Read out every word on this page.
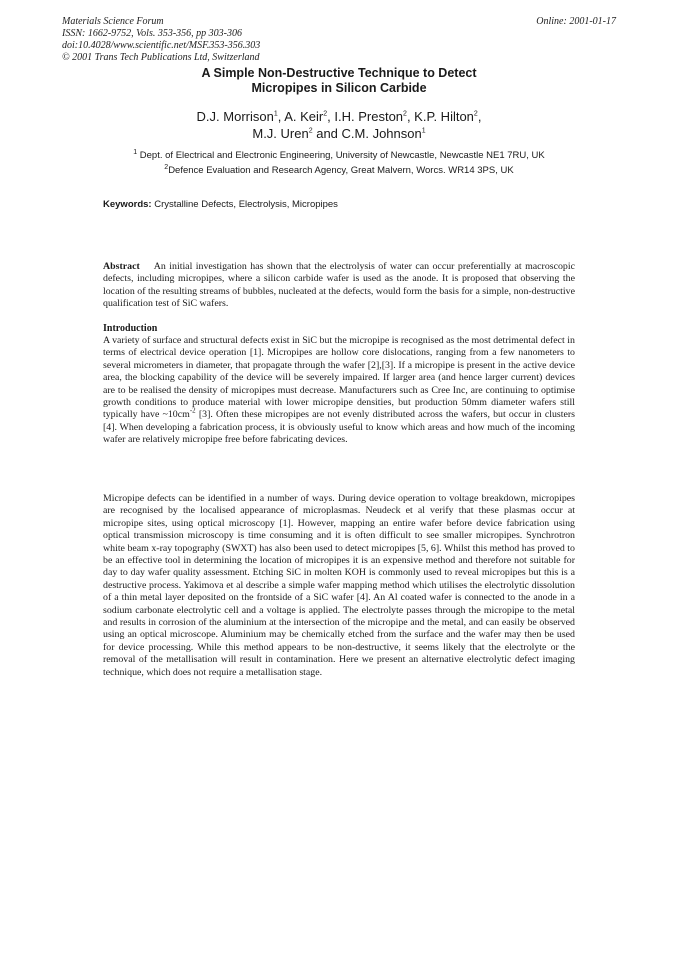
Materials Science Forum
ISSN: 1662-9752, Vols. 353-356, pp 303-306
doi:10.4028/www.scientific.net/MSF.353-356.303
© 2001 Trans Tech Publications Ltd, Switzerland
Online: 2001-01-17
A Simple Non-Destructive Technique to Detect
Micropipes in Silicon Carbide
D.J. Morrison$^1$, A. Keir$^2$, I.H. Preston$^2$, K.P. Hilton$^2$,
M.J. Uren$^2$ and C.M. Johnson$^1$
$^1$ Dept. of Electrical and Electronic Engineering, University of Newcastle, Newcastle NE1 7RU, UK
$^2$Defence Evaluation and Research Agency, Great Malvern, Worcs. WR14 3PS, UK
Keywords: Crystalline Defects, Electrolysis, Micropipes
Abstract An initial investigation has shown that the electrolysis of water can occur preferentially at macroscopic defects, including micropipes, where a silicon carbide wafer is used as the anode. It is proposed that observing the location of the resulting streams of bubbles, nucleated at the defects, would form the basis for a simple, non-destructive qualification test of SiC wafers.
Introduction
A variety of surface and structural defects exist in SiC but the micropipe is recognised as the most detrimental defect in terms of electrical device operation [1]. Micropipes are hollow core dislocations, ranging from a few nanometers to several micrometers in diameter, that propagate through the wafer [2],[3]. If a micropipe is present in the active device area, the blocking capability of the device will be severely impaired. If larger area (and hence larger current) devices are to be realised the density of micropipes must decrease. Manufacturers such as Cree Inc, are continuing to optimise growth conditions to produce material with lower micropipe densities, but production 50mm diameter wafers still typically have $\sim 10cm^{-2}$ [3]. Often these micropipes are not evenly distributed across the wafers, but occur in clusters [4]. When developing a fabrication process, it is obviously useful to know which areas and how much of the incoming wafer are relatively micropipe free before fabricating devices.
Micropipe defects can be identified in a number of ways. During device operation to voltage breakdown, micropipes are recognised by the localised appearance of microplasmas. Neudeck et al verify that these plasmas occur at micropipe sites, using optical microscopy [1]. However, mapping an entire wafer before device fabrication using optical transmission microscopy is time consuming and it is often difficult to see smaller micropipes. Synchrotron white beam x-ray topography (SWXT) has also been used to detect micropipes [5, 6]. Whilst this method has proved to be an effective tool in determining the location of micropipes it is an expensive method and therefore not suitable for day to day wafer quality assessment. Etching SiC in molten KOH is commonly used to reveal micropipes but this is a destructive process. Yakimova et al describe a simple wafer mapping method which utilises the electrolytic dissolution of a thin metal layer deposited on the frontside of a SiC wafer [4]. An Al coated wafer is connected to the anode in a sodium carbonate electrolytic cell and a voltage is applied. The electrolyte passes through the micropipe to the metal and results in corrosion of the aluminium at the intersection of the micropipe and the metal, and can easily be observed using an optical microscope. Aluminium may be chemically etched from the surface and the wafer may then be used for device processing. While this method appears to be non-destructive, it seems likely that the electrolyte or the removal of the metallisation will result in contamination. Here we present an alternative electrolytic defect imaging technique, which does not require a metallisation stage.
